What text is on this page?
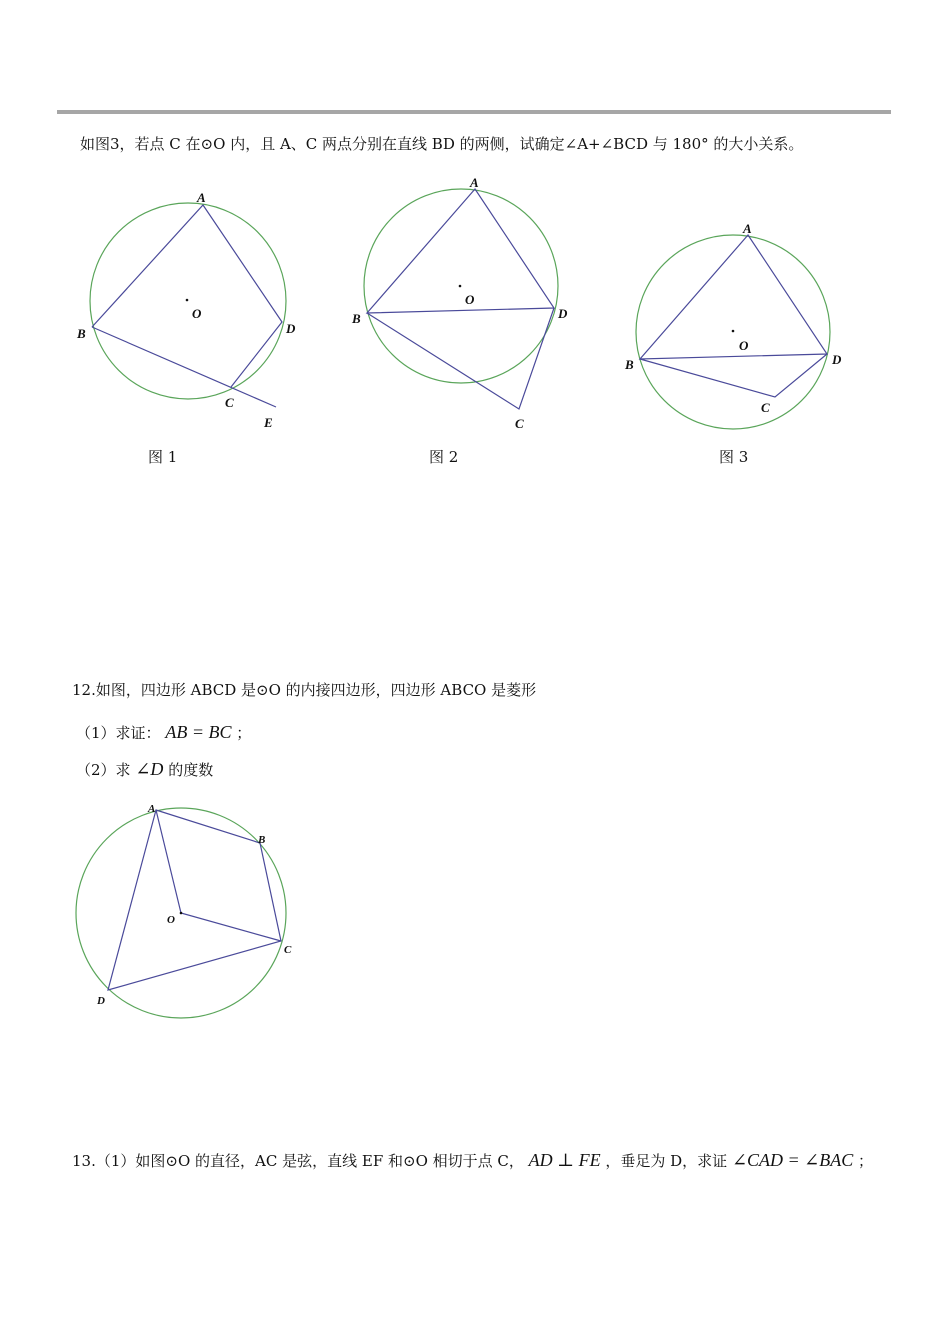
如图3，若点 C 在⊙O 内，且 A、C 两点分别在直线 BD 的两侧，试确定∠A+∠BCD 与 180° 的大小关系。
A
B
C
D
E
O
图 1
A
B
C
D
O
图 2
A
B
C
D
O
图 3
12.如图，四边形 ABCD 是⊙O 的内接四边形，四边形 ABCO 是菱形
（1）求证： AB = BC ；
（2）求 ∠D 的度数
A
B
C
D
O
13.（1）如图⊙O 的直径，AC 是弦，直线 EF 和⊙O 相切于点 C， AD ⊥ FE ，垂足为 D，求证 ∠CAD = ∠BAC ；
